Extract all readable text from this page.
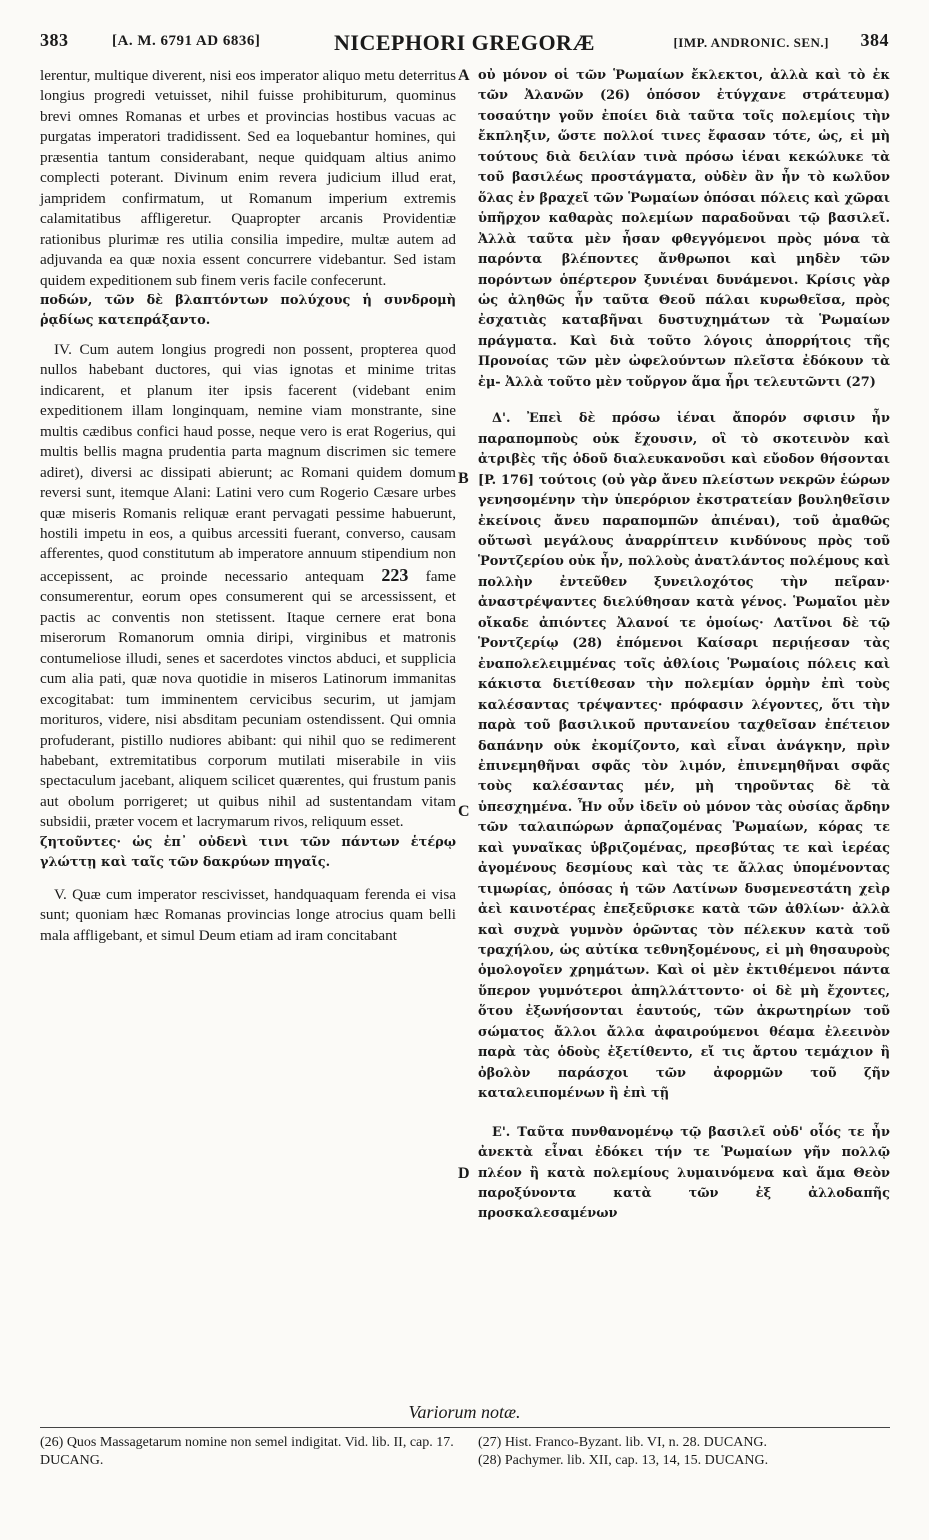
383	[A. M. 6791 AD 6836]	NICEPHORI GREGORÆ	[IMP. ANDRONIC. SEN.] 384
A
B
C
D

lerentur, multique diverent, nisi eos imperator aliquo metu deterritus longius progredi vetuisset, nihil fuisse prohibiturum, quominus brevi omnes Romanas et urbes et provincias hostibus vacuas ac purgatas imperatori tradidissent. Sed ea loquebantur homines, qui præsentia tantum considerabant, neque quidquam altius animo complecti poterant. Divinum enim revera judicium illud erat, jampridem confirmatum, ut Romanum imperium extremis calamitatibus affligeretur. Quapropter arcanis Providentiæ rationibus plurimæ res utilia consilia impedire, multæ autem ad adjuvanda ea quæ noxia essent concurrere videbantur. Sed istam quidem expeditionem sub finem veris facile confecerunt.

ποδών, τῶν δὲ βλαπτόντων πολύχους ἡ συνδρομὴ ῥᾳδίως κατεπράξαντο.

IV. Cum autem longius progredi non possent, propterea quod nullos habebant ductores, qui vias ignotas et minime tritas indicarent, et planum iter ipsis facerent (videbant enim expeditionem illam longinquam, nemine viam monstrante, sine multis cædibus confici haud posse, neque vero is erat Rogerius, qui multis bellis magna prudentia parta magnum discrimen sic temere adiret), diversi ac dissipati abierunt; ac Romani quidem domum reversi sunt, itemque Alani: Latini vero cum Rogerio Cæsare urbes quæ miseris Romanis reliquæ erant pervagati pessime habuerunt, hostili impetu in eos, a quibus arcessiti fuerant, converso, causam afferentes, quod constitutum ab imperatore annuum stipendium non accepissent, ac proinde necessario antequam 223 fame consumerentur, eorum opes consumerent qui se arcessissent, et pactis ac conventis non stetissent. Itaque cernere erat bona miserorum Romanorum omnia diripi, virginibus et matronis contumeliose illudi, senes et sacerdotes vinctos abduci, et supplicia cum alia pati, quæ nova quotidie in miseros Latinorum immanitas excogitabat: tum imminentem cervicibus securim, ut jamjam morituros, videre, nisi absditam pecuniam ostendissent. Qui omnia profuderant, pistillo nudiores abibant: qui nihil quo se redimerent habebant, extremitatibus corporum mutilati miserabile in viis spectaculum jacebant, aliquem scilicet quærentes, qui frustum panis aut obolum porrigeret; ut quibus nihil ad sustentandam vitam subsidii, præter vocem et lacrymarum rivos, reliquum esset.

ζητοῦντες· ὡς ἐπ᾽ οὐδενὶ τινι τῶν πάντων ἑτέρῳ γλώττῃ καὶ ταῖς τῶν δακρύων πηγαῖς.

V. Quæ cum imperator rescivisset, handquaquam ferenda ei visa sunt; quoniam hæc Romanas provincias longe atrocius quam belli mala affligebant, et simul Deum etiam ad iram concitabant

οὐ μόνον οἱ τῶν Ῥωμαίων ἔκλεκτοι, ἀλλὰ καὶ τὸ ἐκ τῶν Ἀλανῶν (26) ὁπόσον ἐτύγχανε στράτευμα) τοσαύτην γοῦν ἐποίει διὰ ταῦτα τοῖς πολεμίοις τὴν ἔκπληξιν, ὥστε πολλοί τινες ἔφασαν τότε, ὡς, εἰ μὴ τούτους διὰ δειλίαν τινὰ πρόσω ἰέναι κεκώλυκε τὰ τοῦ βασιλέως προστάγματα, οὐδὲν ἂν ἦν τὸ κωλῦον ὅλας ἐν βραχεῖ τῶν Ῥωμαίων ὁπόσαι πόλεις καὶ χῶραι ὑπῆρχον καθαρὰς πολεμίων παραδοῦναι τῷ βασιλεῖ. Ἀλλὰ ταῦτα μὲν ἦσαν φθεγγόμενοι πρὸς μόνα τὰ παρόντα βλέποντες ἄνθρωποι καὶ μηδὲν τῶν πορόντων ὁπέρτερον ξυνιέναι δυνάμενοι. Κρίσις γὰρ ὡς ἀληθῶς ἦν ταῦτα Θεοῦ πάλαι κυρωθεῖσα, πρὸς ἐσχατιὰς καταβῆναι δυστυχημάτων τὰ Ῥωμαίων πράγματα. Καὶ διὰ τοῦτο λόγοις ἀπορρήτοις τῆς Προνοίας τῶν μὲν ὠφελούντων πλεῖστα ἐδόκουν τὰ ἐμ- Ἀλλὰ τοῦτο μὲν τοὔργον ἅμα ἦρι τελευτῶντι (27)

Δ'. Ἐπεὶ δὲ πρόσω ἰέναι ἄπορόν σφισιν ἦν παραπομποὺς οὐκ ἔχουσιν, οἳ τὸ σκοτεινὸν καὶ ἀτριβὲς τῆς ὁδοῦ διαλευκανοῦσι καὶ εὔοδον θήσονται [P. 176] τούτοις (οὐ γὰρ ἄνευ πλείστων νεκρῶν ἑώρων γενησομένην τὴν ὑπερόριον ἐκστρατείαν βουληθεῖσιν ἐκείνοις ἄνευ παραπομπῶν ἀπιέναι), τοῦ ἀμαθῶς οὕτωσὶ μεγάλους ἀναρρίπτειν κινδύνους πρὸς τοῦ Ῥοντζερίου οὐκ ἦν, πολλοὺς ἀνατλάντος πολέμους καὶ πολλὴν ἐντεῦθεν ξυνειλοχότος τὴν πεῖραν· ἀναστρέψαντες διελύθησαν κατὰ γένος. Ῥωμαῖοι μὲν οἴκαδε ἀπιόντες Ἀλανοί τε ὁμοίως· Λατῖνοι δὲ τῷ Ῥοντζερίῳ (28) ἑπόμενοι Καίσαρι περιῄεσαν τὰς ἐναπολελειμμένας τοῖς ἀθλίοις Ῥωμαίοις πόλεις καὶ κάκιστα διετίθεσαν τὴν πολεμίαν ὁρμὴν ἐπὶ τοὺς καλέσαντας τρέψαντες· πρόφασιν λέγοντες, ὅτι τὴν παρὰ τοῦ βασιλικοῦ πρυτανείου ταχθεῖσαν ἐπέτειον δαπάνην οὐκ ἐκομίζοντο, καὶ εἶναι ἀνάγκην, πρὶν ἐπινεμηθῆναι σφᾶς τὸν λιμόν, ἐπινεμηθῆναι σφᾶς τοὺς καλέσαντας μέν, μὴ τηροῦντας δὲ τὰ ὑπεσχημένα. Ἦν οὖν ἰδεῖν οὐ μόνον τὰς οὐσίας ἄρδην τῶν ταλαιπώρων ἁρπαζομένας Ῥωμαίων, κόρας τε καὶ γυναῖκας ὑβριζομένας, πρεσβύτας τε καὶ ἱερέας ἀγομένους δεσμίους καὶ τὰς τε ἄλλας ὑπομένοντας τιμωρίας, ὁπόσας ἡ τῶν Λατίνων δυσμενεστάτη χεὶρ ἀεὶ καινοτέρας ἐπεξεῦρισκε κατὰ τῶν ἀθλίων· ἀλλὰ καὶ συχνὰ γυμνὸν ὁρῶντας τὸν πέλεκυν κατὰ τοῦ τραχήλου, ὡς αὐτίκα τεθνηξομένους, εἰ μὴ θησαυροὺς ὁμολογοῖεν χρημάτων. Καὶ οἱ μὲν ἐκτιθέμενοι πάντα ὕπερον γυμνότεροι ἀπηλλάττοντο· οἱ δὲ μὴ ἔχοντες, ὅτου ἐξωνήσονται ἑαυτούς, τῶν ἀκρωτηρίων τοῦ σώματος ἄλλοι ἄλλα ἀφαιρούμενοι θέαμα ἐλεεινὸν παρὰ τὰς ὁδοὺς ἐξετίθεντο, εἴ τις ἄρτου τεμάχιον ἢ ὀβολὸν παράσχοι τῶν ἀφορμῶν τοῦ ζῆν καταλειπομένων ἢ ἐπὶ τῇ

Ε'. Ταῦτα πυνθανομένῳ τῷ βασιλεῖ οὐδ' οἷός τε ἦν ἀνεκτὰ εἶναι ἐδόκει τήν τε Ῥωμαίων γῆν πολλῷ πλέον ἢ κατὰ πολεμίους λυμαινόμενα καὶ ἅμα Θεὸν παροξύνοντα κατὰ τῶν ἐξ ἀλλοδαπῆς προσκαλεσαμένων

Variorum notæ.

(26) Quos Massagetarum nomine non semel indigitat. Vid. lib. II, cap. 17. DUCANG.

(27) Hist. Franco-Byzant. lib. VI, n. 28. DUCANG.

(28) Pachymer. lib. XII, cap. 13, 14, 15. DUCANG.
